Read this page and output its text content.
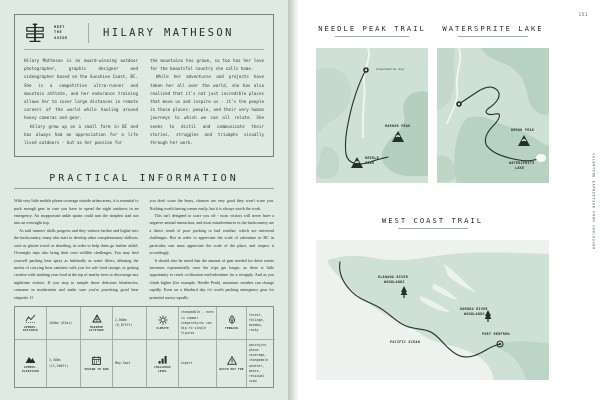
MEET
THE
GUIDE	HILARY MATHESON

Hilary Matheson is an award-winning outdoor photographer, graphic designer and videographer based on the Sunshine Coast, BC. She is a competitive ultra-runner and mountain athlete, and her endurance training allows her to cover large distances in remote corners of the world while hauling around heavy cameras and gear.

Hilary grew up on a small farm in BC and has always had an appreciation for a life lived outdoors - but as her passion for

the mountains has grown, so too has her love for the beautiful country she calls home.

While her adventures and projects have taken her all over the world, she has also realized that it's not just incredible places that move us and inspire us - it's the people in those places: people, and their very human journeys to which we can all relate. She seeks to distil and communicate their stories, struggles and triumphs visually through her work.

PRACTICAL INFORMATION

With very little mobile phone coverage outside urban areas, it is essential to pack enough gear in case you have to spend the night outdoors in an emergency. An inopportune ankle sprain could turn the simplest trail run into an overnight trip.

As trail runners' skills progress and they venture further and higher into the backcountry, many also start to develop other complementary skillsets, such as glacier travel or abseiling, in order to help them go further afield. Overnight trips also bring their own wildlife challenges. You may find yourself packing bear spray as habitually as water filters, debating the merits of carrying bear canisters with you for safe food storage, or getting creative with stashing your food at the top of nearby trees to discourage any nighttime visitors. If you stop to sample those delicious blueberries, consume in moderation and make sure you're practising good bear etiquette. If

you don't scare the bears, chances are very good they won't scare you. Nothing worth having comes easily, but it is always worth the work.

This isn't designed to scare you off - most visitors will never have a negative animal interaction, and most misadventures in the backcountry are a direct result of poor packing or bad weather, which are universal challenges. But in order to appreciate the scale of adventure in BC in particular, one must appreciate the scale of the place, and respect it accordingly.

It should also be noted that the amount of gear needed for these routes increases exponentially once the trips get longer, as there is little opportunity to reach civilization mid-adventure for a resupply. And as you climb higher (for example, Needle Peak), mountain weather can change rapidly. Even on a bluebird day it's worth packing emergency gear for potential snowy squalls.

APPROX. DISTANCE
100km (62mi)
MAXIMUM ALTITUDE
2,000m (6,875ft)
CLIMATE
changeable - even in summer temperatures can dip to single figures
TERRAIN
forest, foliage, meadow, rocky
APPROX. ELEVATION
3,500m (11,500ft)
SEASON TO RUN
May-Sept
CHALLENGE LEVEL
expert
WATCH OUT FOR
patchy/no phone coverage, changeable weather, bears, residual snow
151
NEEDLE PEAK TRAIL
Coquihalla hwy
MARKOR PEAK
NEEDLE
PEAK
WATERSPRITE LAKE
DEMON PEAK
WATERSPRITE
LAKE
WEST COAST TRAIL
KLANAWA RIVER
WOODLANDS
GORDON RIVER
WOODLANDS
PACIFIC OCEAN
PORT RENFREW
VALENTINE EXPEDITION FROM VANCOUVER
